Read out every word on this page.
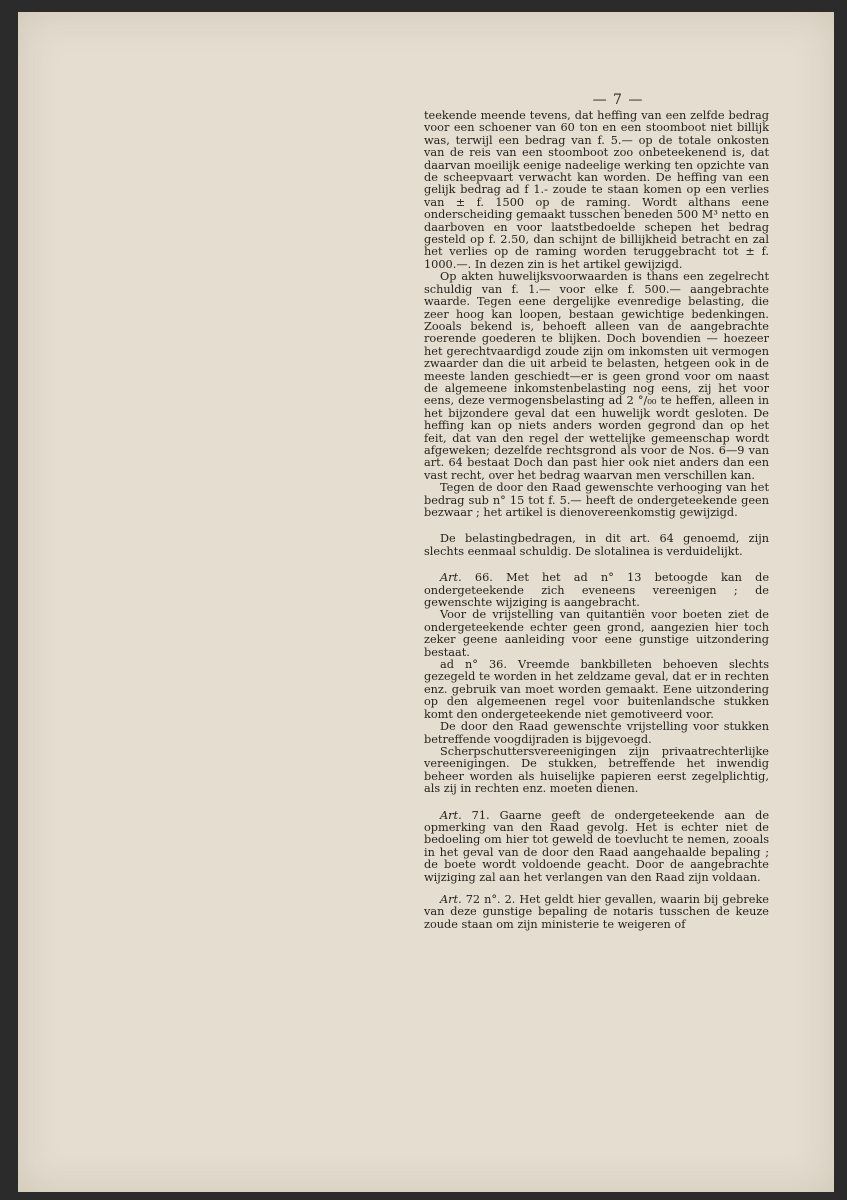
— 7 —

teekende meende tevens, dat heffing van een zelfde bedrag voor een schoener van 60 ton en een stoomboot niet billijk was, terwijl een bedrag van f. 5.— op de totale onkosten van de reis van een stoomboot zoo onbeteekenend is, dat daarvan moeilijk eenige nadeelige werking ten opzichte van de scheepvaart verwacht kan worden. De heffing van een gelijk bedrag ad f 1.- zoude te staan komen op een verlies van ± f. 1500 op de raming. Wordt althans eene onderscheiding gemaakt tusschen beneden 500 M³ netto en daarboven en voor laatstbedoelde schepen het bedrag gesteld op f. 2.50, dan schijnt de billijkheid betracht en zal het verlies op de raming worden teruggebracht tot ± f. 1000.—. In dezen zin is het artikel gewijzigd.

Op akten huwelijksvoorwaarden is thans een zegelrecht schuldig van f. 1.— voor elke f. 500.— aangebrachte waarde. Tegen eene dergelijke evenredige belasting, die zeer hoog kan loopen, bestaan gewichtige bedenkingen. Zooals bekend is, behoeft alleen van de aangebrachte roerende goederen te blijken. Doch bovendien — hoezeer het gerechtvaardigd zoude zijn om inkomsten uit vermogen zwaarder dan die uit arbeid te belasten, hetgeen ook in de meeste landen geschiedt—er is geen grond voor om naast de algemeene inkomstenbelasting nog eens, zij het voor eens, deze vermogensbelasting ad 2 °/₀₀ te heffen, alleen in het bijzondere geval dat een huwelijk wordt gesloten. De heffing kan op niets anders worden gegrond dan op het feit, dat van den regel der wettelijke gemeenschap wordt afgeweken; dezelfde rechtsgrond als voor de Nos. 6—9 van art. 64 bestaat Doch dan past hier ook niet anders dan een vast recht, over het bedrag waarvan men verschillen kan.

Tegen de door den Raad gewenschte verhooging van het bedrag sub n° 15 tot f. 5.— heeft de ondergeteekende geen bezwaar ; het artikel is dienovereenkomstig gewijzigd.

De belastingbedragen, in dit art. 64 genoemd, zijn slechts eenmaal schuldig. De slotalinea is verduidelijkt.

Art. 66. Met het ad n° 13 betoogde kan de ondergeteekende zich eveneens vereenigen ; de gewenschte wijziging is aangebracht.

Voor de vrijstelling van quitantiën voor boeten ziet de ondergeteekende echter geen grond, aangezien hier toch zeker geene aanleiding voor eene gunstige uitzondering bestaat.

ad n° 36. Vreemde bankbilleten behoeven slechts gezegeld te worden in het zeldzame geval, dat er in rechten enz. gebruik van moet worden gemaakt. Eene uitzondering op den algemeenen regel voor buitenlandsche stukken komt den ondergeteekende niet gemotiveerd voor.

De door den Raad gewenschte vrijstelling voor stukken betreffende voogdijraden is bijgevoegd.

Scherpschuttersvereenigingen zijn privaatrechterlijke vereenigingen. De stukken, betreffende het inwendig beheer worden als huiselijke papieren eerst zegelplichtig, als zij in rechten enz. moeten dienen.

Art. 71. Gaarne geeft de ondergeteekende aan de opmerking van den Raad gevolg. Het is echter niet de bedoeling om hier tot geweld de toevlucht te nemen, zooals in het geval van de door den Raad aangehaalde bepaling ; de boete wordt voldoende geacht. Door de aangebrachte wijziging zal aan het verlangen van den Raad zijn voldaan.

Art. 72 n°. 2. Het geldt hier gevallen, waarin bij gebreke van deze gunstige bepaling de notaris tusschen de keuze zoude staan om zijn ministerie te weigeren of
